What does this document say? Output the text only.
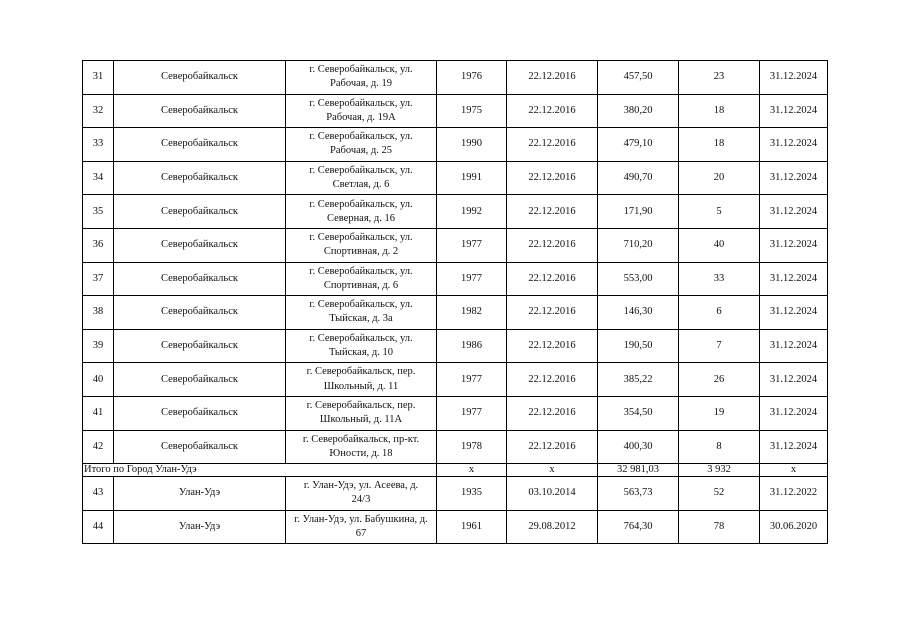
31	Северобайкальск	г. Северобайкальск, ул.
Рабочая, д. 19	1976	22.12.2016	457,50	23	31.12.2024
32	Северобайкальск	г. Северобайкальск, ул.
Рабочая, д. 19А	1975	22.12.2016	380,20	18	31.12.2024
33	Северобайкальск	г. Северобайкальск, ул.
Рабочая, д. 25	1990	22.12.2016	479,10	18	31.12.2024
34	Северобайкальск	г. Северобайкальск, ул.
Светлая, д. 6	1991	22.12.2016	490,70	20	31.12.2024
35	Северобайкальск	г. Северобайкальск, ул.
Северная, д. 16	1992	22.12.2016	171,90	5	31.12.2024
36	Северобайкальск	г. Северобайкальск, ул.
Спортивная, д. 2	1977	22.12.2016	710,20	40	31.12.2024
37	Северобайкальск	г. Северобайкальск, ул.
Спортивная, д. 6	1977	22.12.2016	553,00	33	31.12.2024
38	Северобайкальск	г. Северобайкальск, ул.
Тыйская, д. 3а	1982	22.12.2016	146,30	6	31.12.2024
39	Северобайкальск	г. Северобайкальск, ул.
Тыйская, д. 10	1986	22.12.2016	190,50	7	31.12.2024
40	Северобайкальск	г. Северобайкальск, пер.
Школьный, д. 11	1977	22.12.2016	385,22	26	31.12.2024
41	Северобайкальск	г. Северобайкальск, пер.
Школьный, д. 11А	1977	22.12.2016	354,50	19	31.12.2024
42	Северобайкальск	г. Северобайкальск, пр-кт.
Юности, д. 18	1978	22.12.2016	400,30	8	31.12.2024
Итого по Город Улан-Удэ			x	x	32 981,03	3 932	x
43	Улан-Удэ	г. Улан-Удэ, ул. Асеева, д.
24/3	1935	03.10.2014	563,73	52	31.12.2022
44	Улан-Удэ	г. Улан-Удэ, ул. Бабушкина, д.
67	1961	29.08.2012	764,30	78	30.06.2020
